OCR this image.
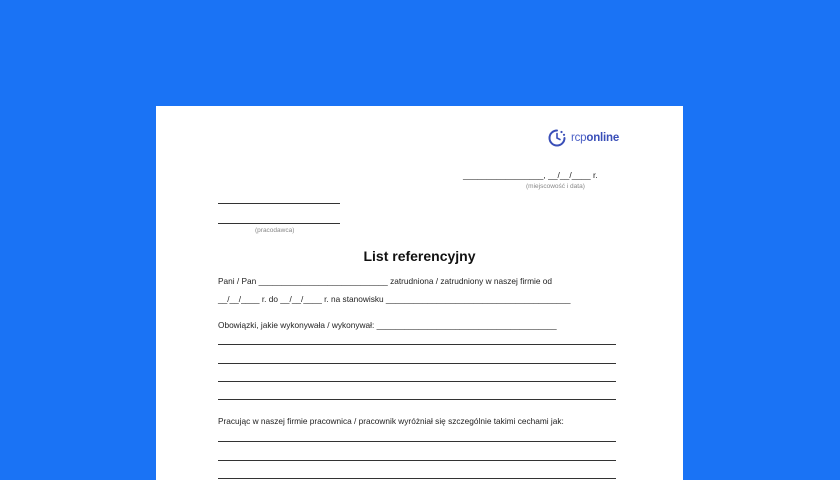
rcponline
_________________, __/__/____ r.
(miejscowość i data)
(pracodawca)
List referencyjny
Pani / Pan ____________________________ zatrudniona / zatrudniony w naszej firmie od
__/__/____ r. do __/__/____ r. na stanowisku ________________________________________
Obowiązki, jakie wykonywała / wykonywał: _______________________________________
Pracując w naszej firmie pracownica / pracownik wyróżniał się szczególnie takimi cechami jak:
